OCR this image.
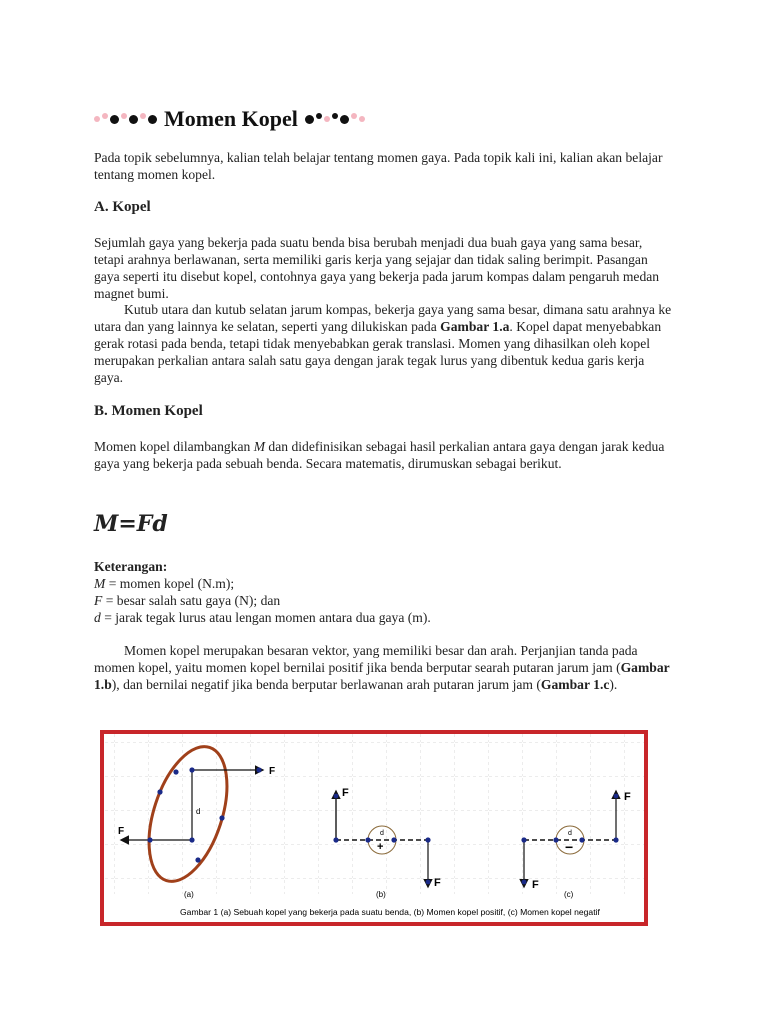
Momen Kopel

Pada topik sebelumnya, kalian telah belajar tentang momen gaya. Pada topik kali ini, kalian akan belajar tentang momen kopel.

A. Kopel

Sejumlah gaya yang bekerja pada suatu benda bisa berubah menjadi dua buah gaya yang sama besar, tetapi arahnya berlawanan, serta memiliki garis kerja yang sejajar dan tidak saling berimpit. Pasangan gaya seperti itu disebut kopel, contohnya gaya yang bekerja pada jarum kompas dalam pengaruh medan magnet bumi.

Kutub utara dan kutub selatan jarum kompas, bekerja gaya yang sama besar, dimana satu arahnya ke utara dan yang lainnya ke selatan, seperti yang dilukiskan pada Gambar 1.a. Kopel dapat menyebabkan gerak rotasi pada benda, tetapi tidak menyebabkan gerak translasi. Momen yang dihasilkan oleh kopel merupakan perkalian antara salah satu gaya dengan jarak tegak lurus yang dibentuk kedua garis kerja gaya.

B. Momen Kopel

Momen kopel dilambangkan M dan didefinisikan sebagai hasil perkalian antara gaya dengan jarak kedua gaya yang bekerja pada sebuah benda. Secara matematis, dirumuskan sebagai berikut.

M=Fd
Keterangan:
M = momen kopel (N.m);
F = besar salah satu gaya (N); dan
d = jarak tegak lurus atau lengan momen antara dua gaya (m).

Momen kopel merupakan besaran vektor, yang memiliki besar dan arah. Perjanjian tanda pada momen kopel, yaitu momen kopel bernilai positif jika benda berputar searah putaran jarum jam (Gambar 1.b), dan bernilai negatif jika benda berputar berlawanan arah putaran jarum jam (Gambar 1.c).

F
F
d
(a)
F
F
d
+
(b)
F
F
d
−
(c)
Gambar 1 (a) Sebuah kopel yang bekerja pada suatu benda, (b) Momen kopel positif, (c) Momen kopel negatif
